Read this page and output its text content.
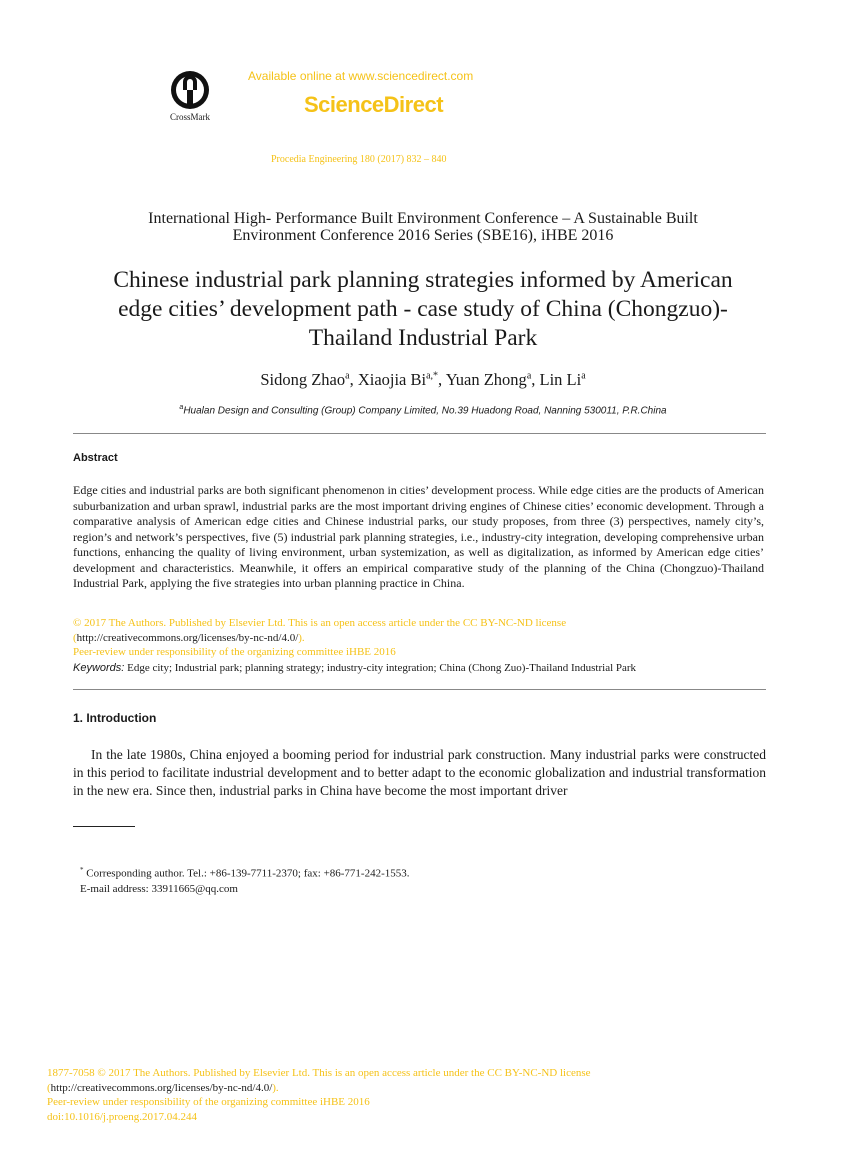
CrossMark
Available online at www.sciencedirect.com
ScienceDirect
Procedia Engineering 180 (2017) 832 – 840
International High- Performance Built Environment Conference – A Sustainable Built
Environment Conference 2016 Series (SBE16), iHBE 2016
Chinese industrial park planning strategies informed by American
edge cities’ development path - case study of China (Chongzuo)-
Thailand Industrial Park
Sidong Zhao$^a$, Xiaojia $Bi^{a,*}$, Yuan Zhong$^a$, Lin Li$^a$
$^a$Hualan Design and Consulting (Group) Company Limited, No.39 Huadong Road, Nanning 530011, P.R.China
Abstract
Edge cities and industrial parks are both significant phenomenon in cities’ development process. While edge cities are the products of American suburbanization and urban sprawl, industrial parks are the most important driving engines of Chinese cities’ economic development. Through a comparative analysis of American edge cities and Chinese industrial parks, our study proposes, from three (3) perspectives, namely city’s, region’s and network’s perspectives, five (5) industrial park planning strategies, i.e., industry-city integration, developing comprehensive urban functions, enhancing the quality of living environment, urban systemization, as well as digitalization, as informed by American edge cities’ development and characteristics. Meanwhile, it offers an empirical comparative study of the planning of the China (Chongzuo)-Thailand Industrial Park, applying the five strategies into urban planning practice in China.
© 2017 The Authors. Published by Elsevier Ltd. This is an open access article under the CC BY-NC-ND license
(http://creativecommons.org/licenses/by-nc-nd/4.0/).
Peer-review under responsibility of the organizing committee iHBE 2016
Keywords: Edge city; Industrial park; planning strategy; industry-city integration; China (Chong Zuo)-Thailand Industrial Park
1. Introduction
In the late 1980s, China enjoyed a booming period for industrial park construction. Many industrial parks were constructed in this period to facilitate industrial development and to better adapt to the economic globalization and industrial transformation in the new era. Since then, industrial parks in China have become the most important driver
* Corresponding author. Tel.: +86-139-7711-2370; fax: +86-771-242-1553.
E-mail address: 33911665@qq.com
1877-7058 © 2017 The Authors. Published by Elsevier Ltd. This is an open access article under the CC BY-NC-ND license
(http://creativecommons.org/licenses/by-nc-nd/4.0/).
Peer-review under responsibility of the organizing committee iHBE 2016
doi:10.1016/j.proeng.2017.04.244
